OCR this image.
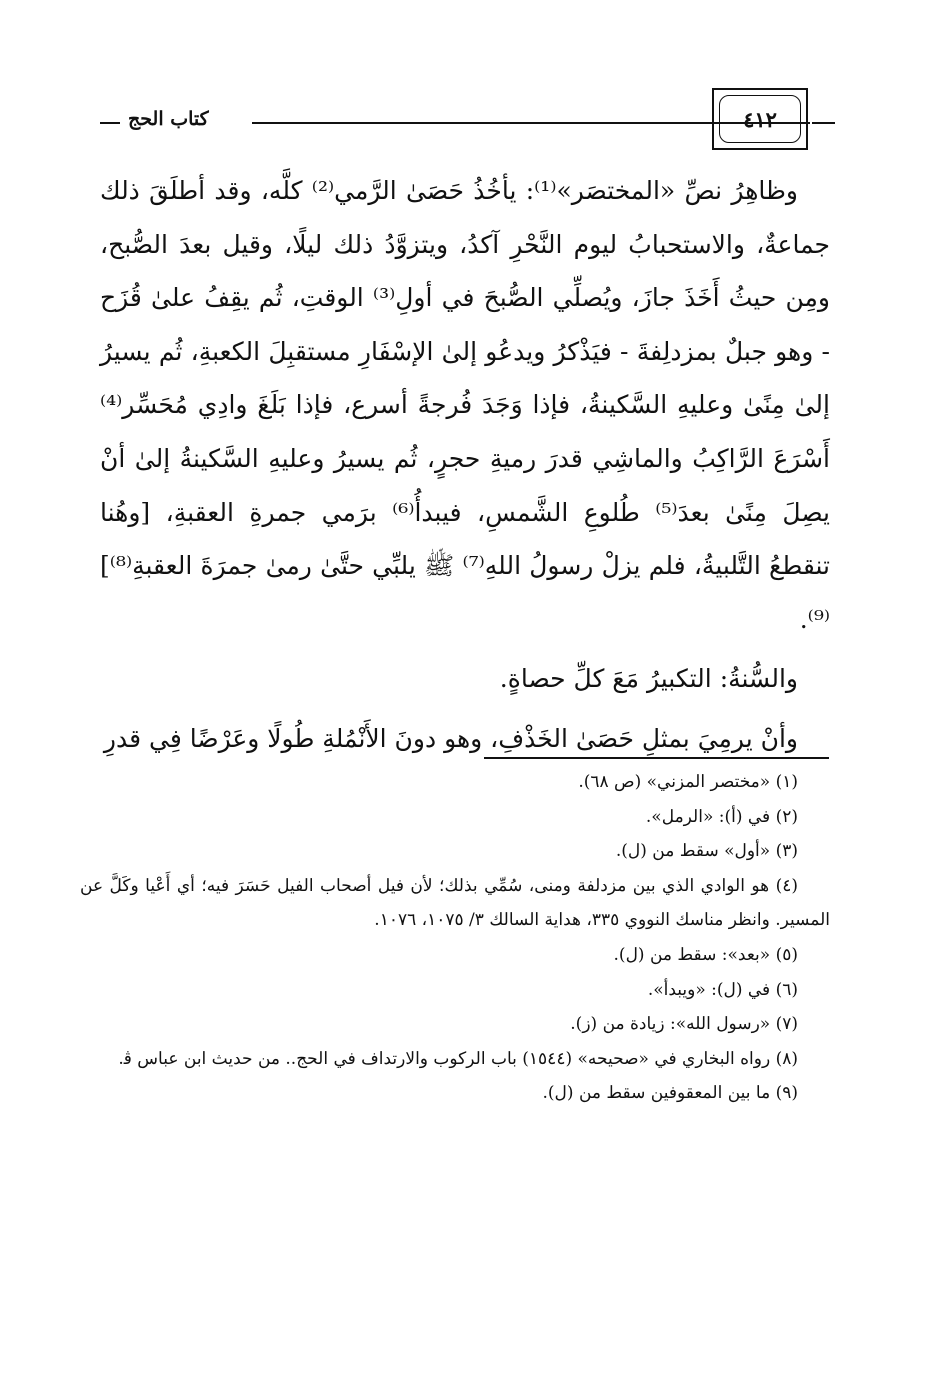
كتاب الحج	٤١٢

وظاهِرُ نصِّ «المختصَر»⁽¹⁾: يأخُذُ حَصَىٰ الرَّمي⁽²⁾ كلَّه، وقد أطلَقَ ذلك جماعةٌ، والاستحبابُ ليوم النَّحْرِ آكدُ، ويتزوَّدُ ذلك ليلًا، وقيل بعدَ الصُّبح، ومِن حيثُ أَخَذَ جازَ، ويُصلِّي الصُّبحَ في أولِ⁽³⁾ الوقتِ، ثُم يقِفُ علىٰ قُزَح - وهو جبلٌ بمزدلِفةَ - فيَذْكرُ ويدعُو إلىٰ الإسْفَارِ مستقبِلَ الكعبةِ، ثُم يسيرُ إلىٰ مِنًىٰ وعليهِ السَّكينةُ، فإذا وَجَدَ فُرجةً أسرع، فإذا بَلَغَ وادِي مُحَسِّر⁽⁴⁾ أَسْرَعَ الرَّاكِبُ والماشِي قدرَ رميةِ حجرٍ، ثُم يسيرُ وعليهِ السَّكينةُ إلىٰ أنْ يصِلَ مِنًىٰ بعدَ⁽⁵⁾ طُلوعِ الشَّمسِ، فيبدأُ⁽⁶⁾ برَمي جمرةِ العقبةِ، [وهُنا تنقطعُ التَّلبيةُ، فلم يزلْ رسولُ اللهِ⁽⁷⁾ ﷺ يلبِّي حتَّىٰ رمىٰ جمرَةَ العقبةِ⁽⁸⁾]⁽⁹⁾.

والسُّنةُ: التكبيرُ مَعَ كلِّ حصاةٍ.

وأنْ يرمِيَ بمثلِ حَصَىٰ الخَذْفِ، وهو دونَ الأَنْمُلةِ طُولًا وعَرْضًا فِي قدرِ

(١) «مختصر المزني» (ص ٦٨).

(٢) في (أ): «الرمل».

(٣) «أول» سقط من (ل).

(٤) هو الوادي الذي بين مزدلفة ومنى، سُمِّي بذلك؛ لأن فيل أصحاب الفيل حَسَرَ فيه؛ أي أَعْيا وكَلَّ عن المسير. وانظر مناسك النووي ٣٣٥، هداية السالك ٣/ ١٠٧٥، ١٠٧٦.

(٥) «بعد»: سقط من (ل).

(٦) في (ل): «ويبدأ».

(٧) «رسول الله»: زيادة من (ز).

(٨) رواه البخاري في «صحيحه» (١٥٤٤) باب الركوب والارتداف في الحج.. من حديث ابن عباس ﭬ.

(٩) ما بين المعقوفين سقط من (ل).
